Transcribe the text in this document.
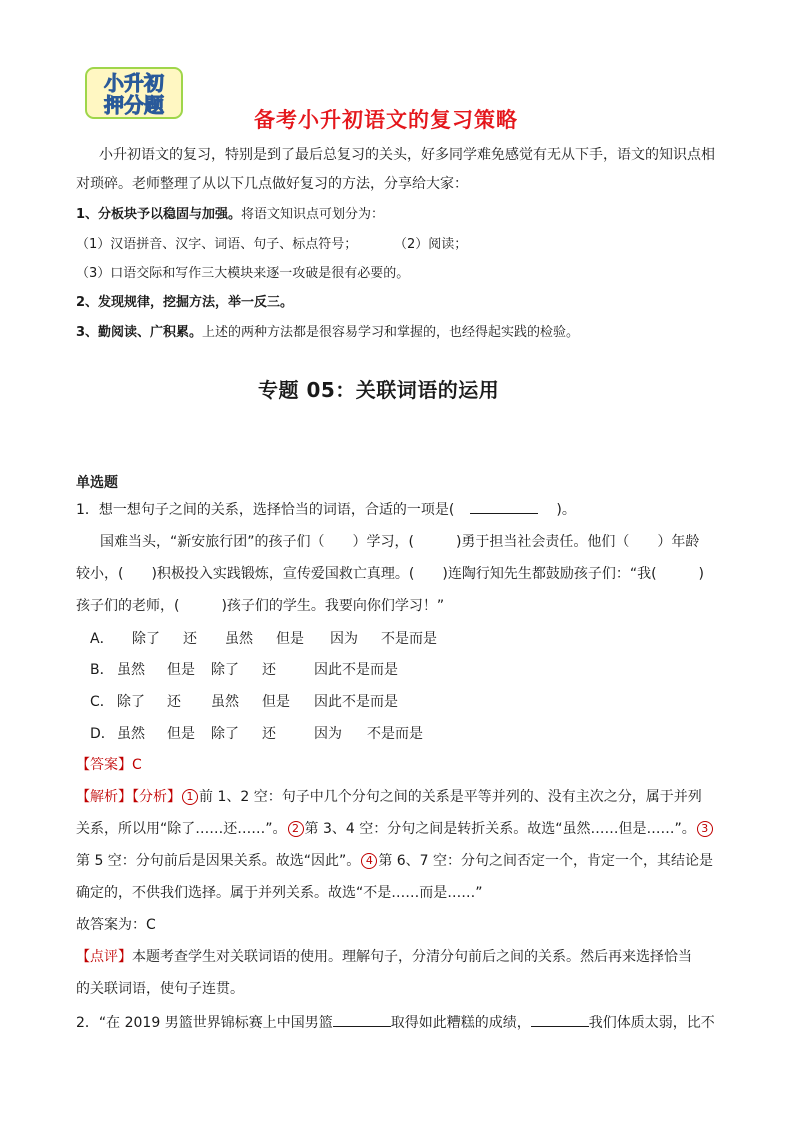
小升初
押分题
备考小升初语文的复习策略
小升初语文的复习，特别是到了最后总复习的关头，好多同学难免感觉有无从下手，语文的知识点相
对琐碎。老师整理了从以下几点做好复习的方法，分享给大家：
1、分板块予以稳固与加强。将语文知识点可划分为：
（1）汉语拼音、汉字、词语、句子、标点符号；	（2）阅读；
（3）口语交际和写作三大模块来逐一攻破是很有必要的。
2、发现规律，挖掘方法，举一反三。
3、勤阅读、广积累。上述的两种方法都是很容易学习和掌握的，也经得起实践的检验。
专题 05：关联词语的运用
单选题
1．想一想句子之间的关系，选择恰当的词语，合适的一项是(	)。
国难当头，“新安旅行团”的孩子们（　　）学习，(　　　)勇于担当社会责任。他们（　　）年龄
较小，(　　)积极投入实践锻炼，宣传爱国救亡真理。(　　)连陶行知先生都鼓励孩子们：“我(　　　)
孩子们的老师，(　　　)孩子们的学生。我要向你们学习！”
A． 除了 还 虽然 但是 因为 不是而是
B． 虽然 但是 除了 还	因此不是而是
C． 除了 还 虽然 但是 因此不是而是
D． 虽然 但是 除了 还	因为 不是而是
【答案】C
【解析】【分析】 1 前 1、2 空：句子中几个分句之间的关系是平等并列的、没有主次之分，属于并列
关系，所以用“除了……还……”。 2 第 3、4 空：分句之间是转折关系。故选“虽然……但是……”。 3
第 5 空：分句前后是因果关系。故选“因此”。 4 第 6、7 空：分句之间否定一个，肯定一个，其结论是
确定的，不供我们选择。属于并列关系。故选“不是……而是……”
故答案为：C
【点评】本题考查学生对关联词语的使用。理解句子，分清分句前后之间的关系。然后再来选择恰当
的关联词语，使句子连贯。
2．“在 2019 男篮世界锦标赛上中国男篮	取得如此糟糕的成绩，	我们体质太弱，比不
